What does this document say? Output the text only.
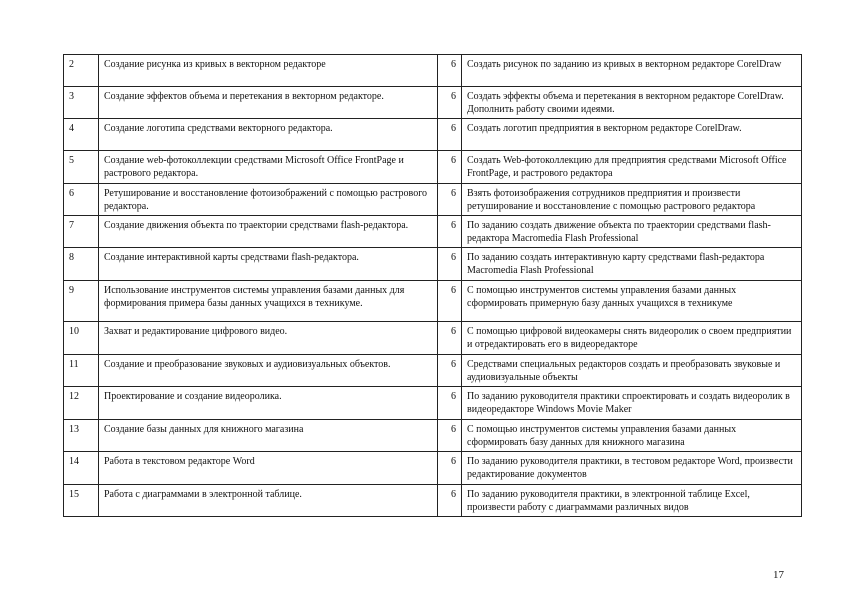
2	Создание рисунка из кривых в векторном редакторе	6	Создать рисунок по заданию из кривых в векторном редакторе CorelDraw
3	Создание эффектов объема и перетекания в векторном редакторе.	6	Создать эффекты объема и перетекания в векторном редакторе CorelDraw. Дополнить работу своими идеями.
4	Создание логотипа средствами векторного редактора.	6	Создать логотип предприятия в векторном редакторе CorelDraw.
5	Создание web-фотоколлекции средствами Microsoft Office FrontPage и растрового редактора.	6	Создать Web-фотоколлекцию для предприятия средствами Microsoft Office FrontPage, и растрового редактора
6	Ретуширование и восстановление фотоизображений с помощью растрового редактора.	6	Взять фотоизображения сотрудников предприятия и произвести ретуширование и восстановление с помощью растрового редактора
7	Создание движения объекта по траектории средствами flash-редактора.	6	По заданию создать движение объекта по траектории средствами flash-редактора Macromedia Flash Professional
8	Создание интерактивной карты средствами flash-редактора.	6	По заданию создать интерактивную карту средствами flash-редактора Macromedia Flash Professional
9	Использование инструментов системы управления базами данных для формирования примера базы данных учащихся в техникуме.	6	С помощью инструментов системы управления базами данных сформировать примерную базу данных учащихся в техникуме
10	Захват и редактирование цифрового видео.	6	С помощью цифровой видеокамеры снять видеоролик о своем предприятии и отредактировать его в видеоредакторе
11	Создание и преобразование звуковых и аудиовизуальных объектов.	6	Средствами специальных редакторов создать и преобразовать звуковые и аудиовизуальные объекты
12	Проектирование и создание видеоролика.	6	По заданию руководителя практики спроектировать и создать видеоролик в видеоредакторе Windows Movie Maker
13	Создание базы данных для книжного магазина	6	С помощью инструментов системы управления базами данных сформировать базу данных для книжного магазина
14	Работа в текстовом редакторе Word	6	По заданию руководителя практики, в тестовом редакторе Word, произвести редактирование документов
15	Работа с диаграммами в электронной таблице.	6	По заданию руководителя практики, в электронной таблице Excel, произвести работу с диаграммами различных видов
17
